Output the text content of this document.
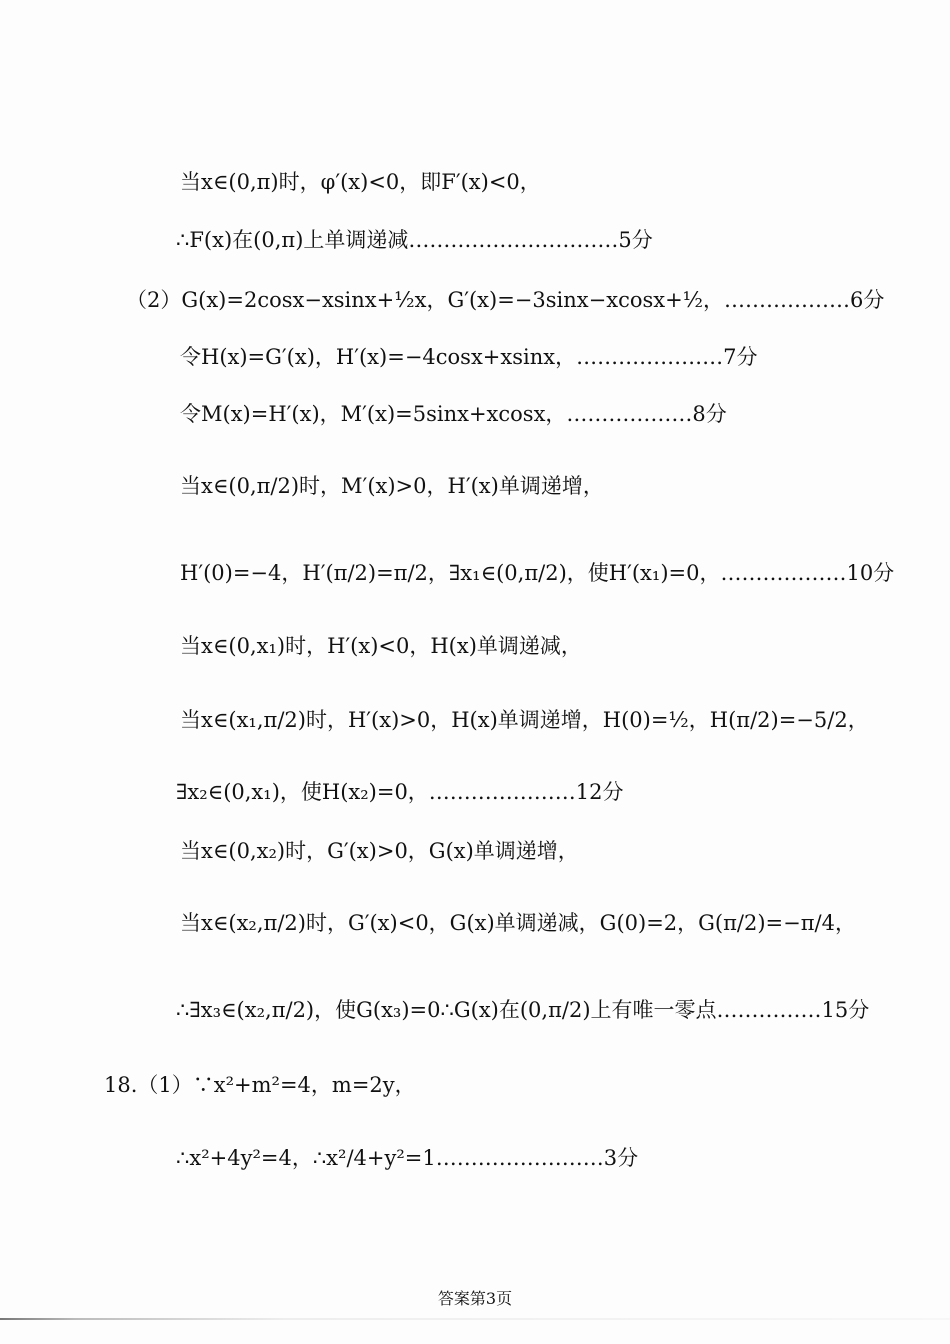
当x∈(0,π)时，φ′(x)<0，即F′(x)<0，
∴F(x)在(0,π)上单调递减…………………………5分
（2）G(x)=2cosx−xsinx+½x，G′(x)=−3sinx−xcosx+½，………………6分
令H(x)=G′(x)，H′(x)=−4cosx+xsinx，…………………7分
令M(x)=H′(x)，M′(x)=5sinx+xcosx，………………8分
当x∈(0,π/2)时，M′(x)>0，H′(x)单调递增，
H′(0)=−4，H′(π/2)=π/2，∃x₁∈(0,π/2)，使H′(x₁)=0，………………10分
当x∈(0,x₁)时，H′(x)<0，H(x)单调递减，
当x∈(x₁,π/2)时，H′(x)>0，H(x)单调递增，H(0)=½，H(π/2)=−5/2，
∃x₂∈(0,x₁)，使H(x₂)=0，…………………12分
当x∈(0,x₂)时，G′(x)>0，G(x)单调递增，
当x∈(x₂,π/2)时，G′(x)<0，G(x)单调递减，G(0)=2，G(π/2)=−π/4，
∴∃x₃∈(x₂,π/2)，使G(x₃)=0∴G(x)在(0,π/2)上有唯一零点……………15分
18.（1）∵x²+m²=4，m=2y，
∴x²+4y²=4，∴x²/4+y²=1……………………3分
答案第3页
